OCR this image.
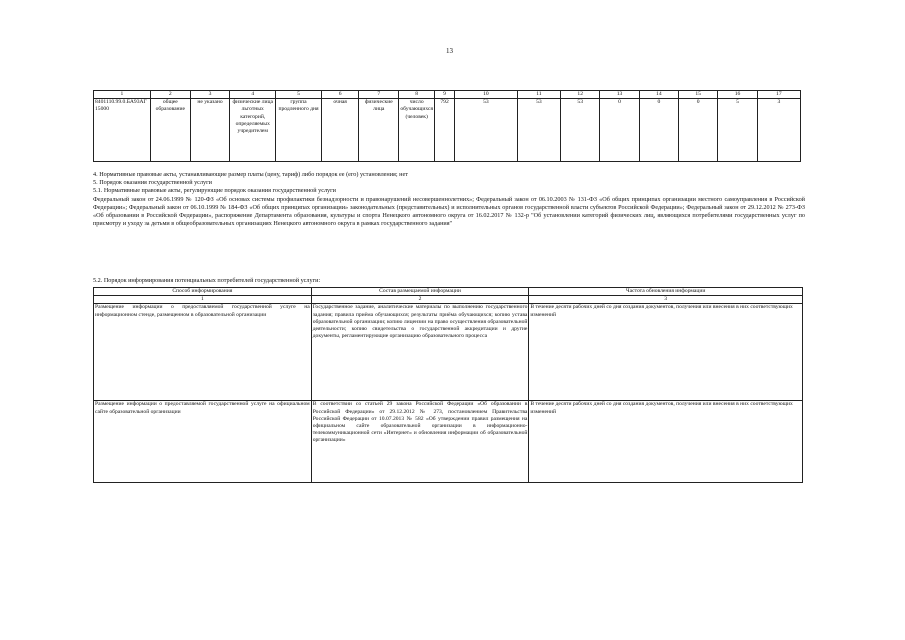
13
1	2	3	4	5	6	7	8	9	10	11	12	13	14	15	16	17
8401110.99.0.БА93АГ15000	общее образование	не указано	физические лица льготных категорий, определяемых учредителем	группа продленного дня	очная	физические лица	число обучающихся (человек)	792	53	53	53	0	0	0	5	3
4. Нормативные правовые акты, устанавливающие размер платы (цену, тариф) либо порядок ее (его) установления; нет
5. Порядок оказания государственной услуги
5.1. Нормативные правовые акты, регулирующие порядок оказания государственной услуги
Федеральный закон от 24.06.1999 № 120-ФЗ «Об основах системы профилактики безнадзорности и правонарушений несовершеннолетних»; Федеральный закон от 06.10.2003 № 131-ФЗ «Об общих принципах организации местного самоуправления в Российской Федерации»; Федеральный закон от 06.10.1999 № 184-ФЗ «Об общих принципах организации» законодательных (представительных) и исполнительных органов государственной власти субъектов Российской Федерации»; Федеральный закон от 29.12.2012 № 273-ФЗ «Об образовании в Российской Федерации», распоряжение Департамента образования, культуры и спорта Ненецкого автономного округа от 16.02.2017 № 132-р "Об установлении категорий физических лиц, являющихся потребителями государственных услуг по присмотру и уходу за детьми в общеобразовательных организациях Ненецкого автономного округа в рамках государственного задания"
5.2. Порядок информирования потенциальных потребителей государственной услуги:
Способ информирования	Состав размещаемой информации	Частота обновления информации
1	2	3
Размещение информации о предоставляемой государственной услуге на информационном стенде, размещенном в образовательной организации	Государственное задание, аналитические материалы по выполнению государственного задания; правила приёма обучающихся; результаты приёма обучающихся; копию устава образовательной организации; копию лицензии на право осуществления образовательной деятельности; копию свидетельства о государственной аккредитации и другие документы, регламентирующие организацию образовательного процесса	В течение десяти рабочих дней со дня создания документов, получения или внесения в них соответствующих изменений
Размещение информации о предоставляемой государственной услуге на официальном сайте образовательной организации	В соответствии со статьей 29 закона Российской Федерации «Об образовании в Российской Федерации» от 29.12.2012 № 273, постановлением Правительства Российской Федерации от 10.07.2013 № 582 «Об утверждении правил размещения на официальном сайте образовательной организации в информационно-телекоммуникационной сети «Интернет» и обновления информации об образовательной организации»	В течение десяти рабочих дней со дня создания документов, получения или внесения в них соответствующих изменений
